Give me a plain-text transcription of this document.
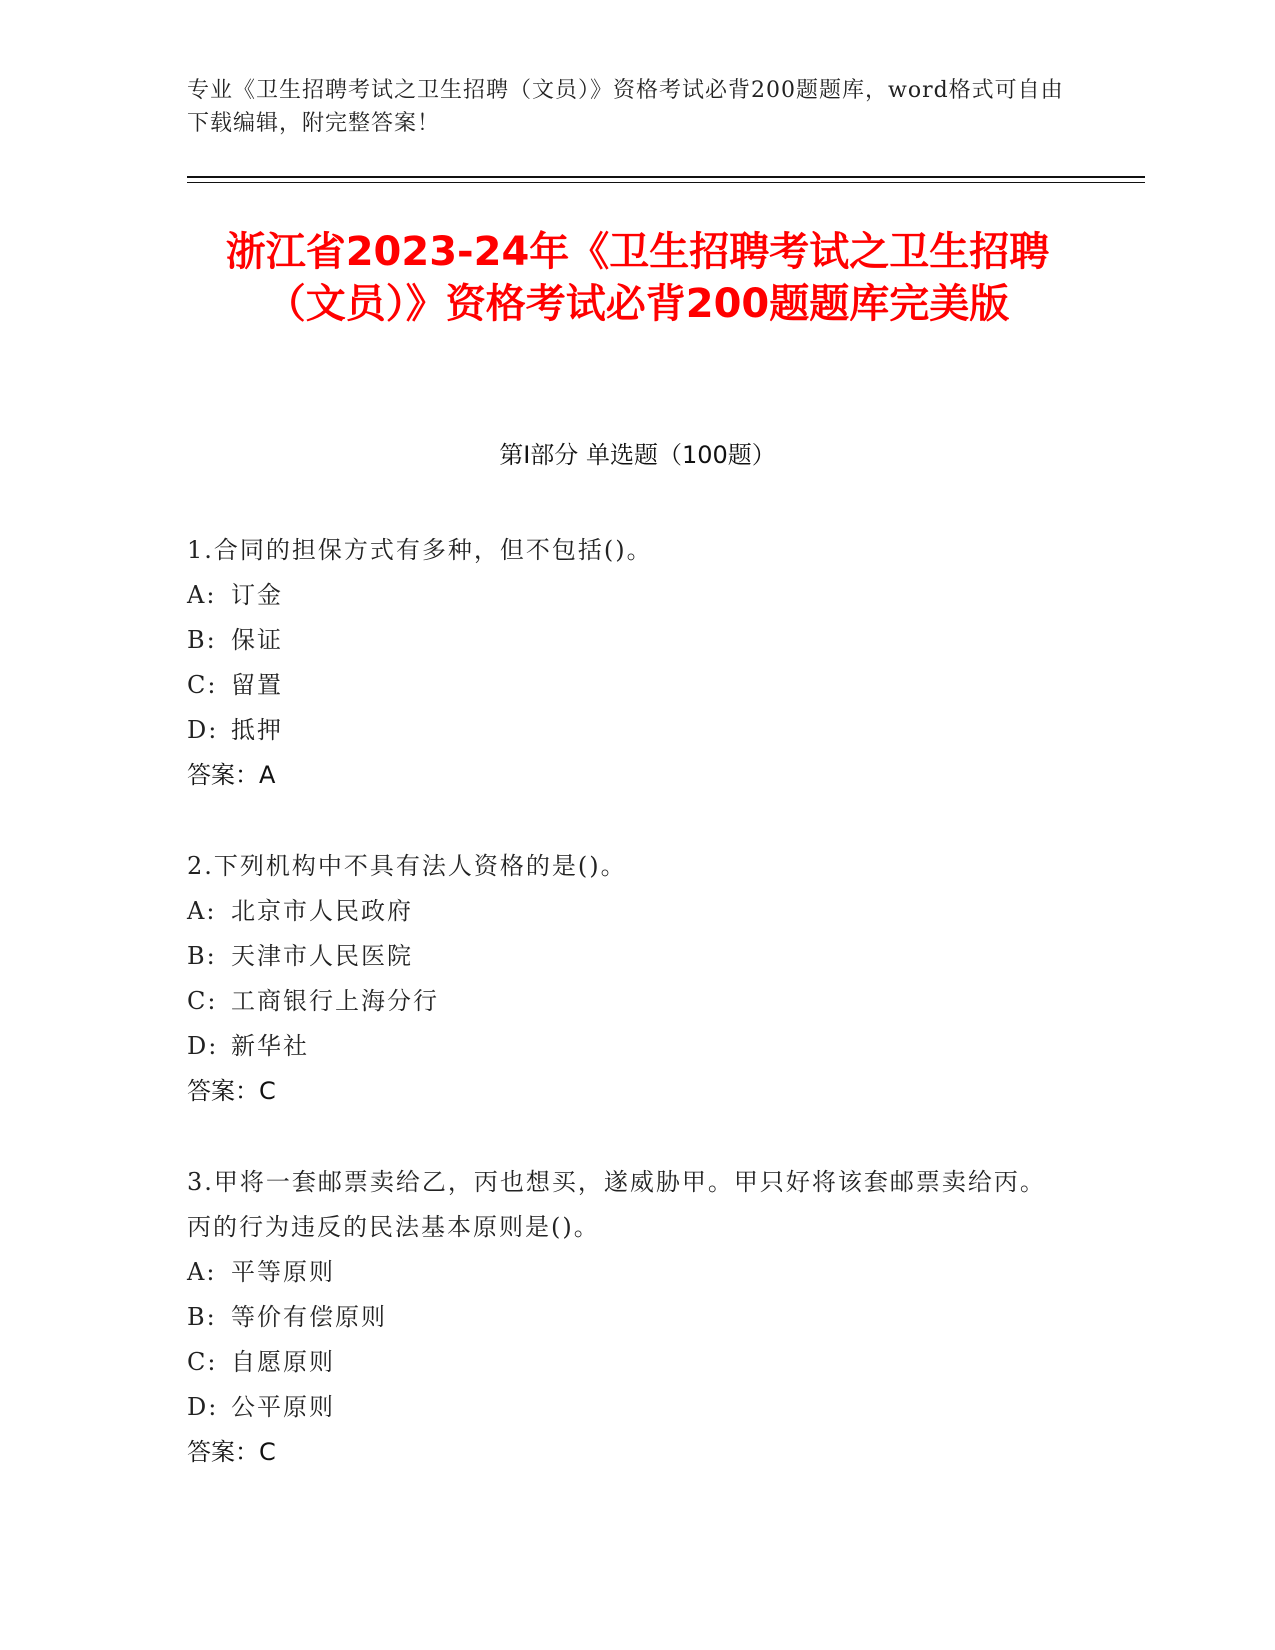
专业《卫生招聘考试之卫生招聘（文员）》资格考试必背200题题库，word格式可自由下载编辑，附完整答案！
浙江省2023-24年《卫生招聘考试之卫生招聘（文员）》资格考试必背200题题库完美版
第I部分 单选题（100题）

1.合同的担保方式有多种，但不包括()。

A: 订金

B: 保证

C: 留置

D: 抵押

答案：A

2.下列机构中不具有法人资格的是()。

A: 北京市人民政府

B: 天津市人民医院

C: 工商银行上海分行

D: 新华社

答案：C

3.甲将一套邮票卖给乙，丙也想买，遂威胁甲。甲只好将该套邮票卖给丙。丙的行为违反的民法基本原则是()。

A: 平等原则

B: 等价有偿原则

C: 自愿原则

D: 公平原则

答案：C
